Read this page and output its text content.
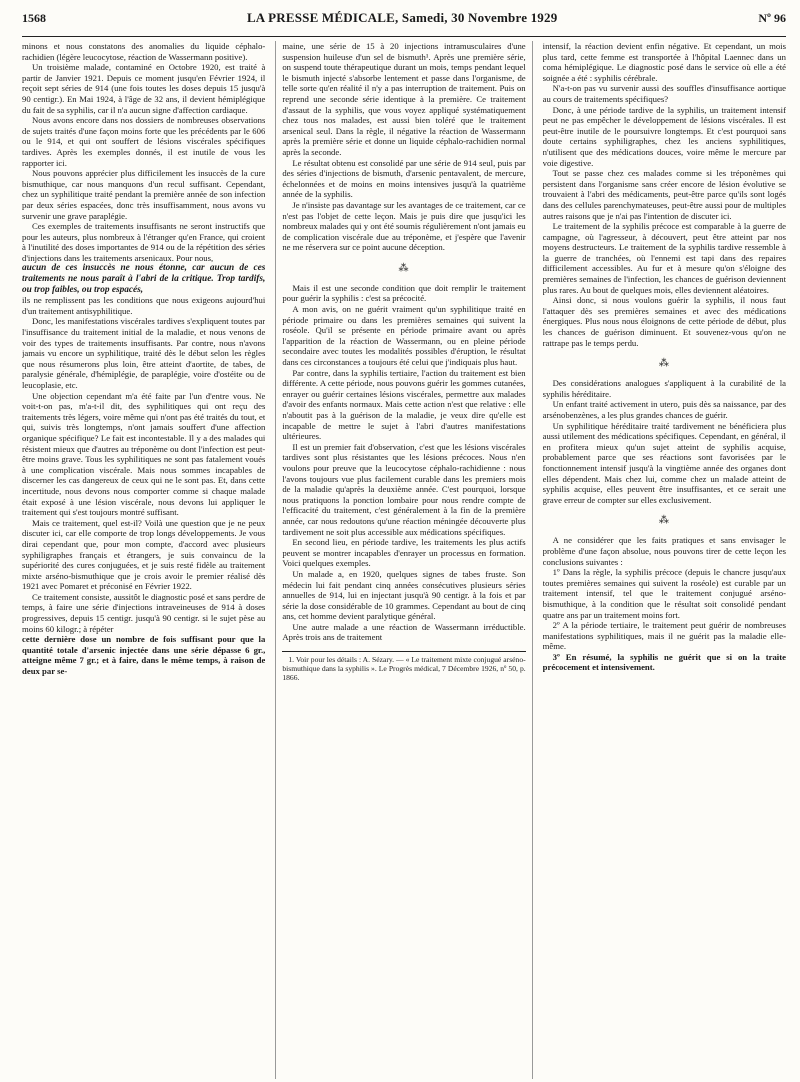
1568	LA PRESSE MÉDICALE, Samedi, 30 Novembre 1929	Nº 96

minons et nous constatons des anomalies du liquide céphalo-rachidien (légère leucocytose, réaction de Wassermann positive).

Un troisième malade, contaminé en Octobre 1920, est traité à partir de Janvier 1921. Depuis ce moment jusqu'en Février 1924, il reçoit sept séries de 914 (une fois toutes les doses depuis 15 jusqu'à 90 centigr.). En Mai 1924, à l'âge de 32 ans, il devient hémiplégique du fait de sa syphilis, car il n'a aucun signe d'affection cardiaque.

Nous avons encore dans nos dossiers de nombreuses observations de sujets traités d'une façon moins forte que les précédents par le 606 ou le 914, et qui ont souffert de lésions viscérales spécifiques tardives. Après les exemples donnés, il est inutile de vous les rapporter ici.

Nous pouvons apprécier plus difficilement les insuccès de la cure bismuthique, car nous manquons d'un recul suffisant. Cependant, chez un syphilitique traité pendant la première année de son infection par deux séries espacées, donc très insuffisamment, nous avons vu survenir une grave paraplégie.

Ces exemples de traitements insuffisants ne seront instructifs que pour les auteurs, plus nombreux à l'étranger qu'en France, qui croient à l'inutilité des doses importantes de 914 ou de la répétition des séries d'injections dans les traitements arsenicaux. Pour nous,

aucun de ces insuccès ne nous étonne, car aucun de ces traitements ne nous paraît à l'abri de la critique. Trop tardifs, ou trop faibles, ou trop espacés,

ils ne remplissent pas les conditions que nous exigeons aujourd'hui d'un traitement antisyphilitique.

Donc, les manifestations viscérales tardives s'expliquent toutes par l'insuffisance du traitement initial de la maladie, et nous venons de voir des types de traitements insuffisants. Par contre, nous n'avons jamais vu encore un syphilitique, traité dès le début selon les règles que nous résumerons plus loin, être atteint d'aortite, de tabes, de paralysie générale, d'hémiplégie, de paraplégie, voire d'ostéite ou de leucoplasie, etc.

Une objection cependant m'a été faite par l'un d'entre vous. Ne voit-t-on pas, m'a-t-il dit, des syphilitiques qui ont reçu des traitements très légers, voire même qui n'ont pas été traités du tout, et qui, suivis très longtemps, n'ont jamais souffert d'une affection organique spécifique? Le fait est incontestable. Il y a des malades qui résistent mieux que d'autres au tréponème ou dont l'infection est peut-être moins grave. Tous les syphilitiques ne sont pas fatalement voués à une complication viscérale. Mais nous sommes incapables de discerner les cas dangereux de ceux qui ne le sont pas. Et, dans cette incertitude, nous devons nous comporter comme si chaque malade était exposé à une lésion viscérale, nous devons lui appliquer le traitement qui s'est toujours montré suffisant.

Mais ce traitement, quel est-il? Voilà une question que je ne peux discuter ici, car elle comporte de trop longs développements. Je vous dirai cependant que, pour mon compte, d'accord avec plusieurs syphiligraphes français et étrangers, je suis convaincu de la supériorité des cures conjuguées, et je suis resté fidèle au traitement mixte arséno-bismuthique que je crois avoir le premier réalisé dès 1921 avec Pomaret et préconisé en Février 1922.

Ce traitement consiste, aussitôt le diagnostic posé et sans perdre de temps, à faire une série d'injections intraveineuses de 914 à doses progressives, depuis 15 centigr. jusqu'à 90 centigr. si le sujet pèse au moins 60 kilogr.; à répéter

cette dernière dose un nombre de fois suffisant pour que la quantité totale d'arsenic injectée dans une série dépasse 6 gr., atteigne même 7 gr.; et à faire, dans le même temps, à raison de deux par se-

maine, une série de 15 à 20 injections intramusculaires d'une suspension huileuse d'un sel de bismuth¹. Après une première série, on suspend toute thérapeutique durant un mois, temps pendant lequel le bismuth injecté s'absorbe lentement et passe dans l'organisme, de telle sorte qu'en réalité il n'y a pas interruption de traitement. Puis on reprend une seconde série identique à la première. Ce traitement d'assaut de la syphilis, que vous voyez appliqué systématiquement chez tous nos malades, est aussi bien toléré que le traitement arsenical seul. Dans la règle, il négative la réaction de Wassermann après la première série et donne un liquide céphalo-rachidien normal après la seconde.

Le résultat obtenu est consolidé par une série de 914 seul, puis par des séries d'injections de bismuth, d'arsenic pentavalent, de mercure, échelonnées et de moins en moins intensives jusqu'à la quatrième année de la syphilis.

Je n'insiste pas davantage sur les avantages de ce traitement, car ce n'est pas l'objet de cette leçon. Mais je puis dire que jusqu'ici les nombreux malades qui y ont été soumis régulièrement n'ont jamais eu de complication viscérale due au tréponème, et j'espère que l'avenir ne me réservera sur ce point aucune déception.

⁂

Mais il est une seconde condition que doit remplir le traitement pour guérir la syphilis : c'est sa précocité.

A mon avis, on ne guérit vraiment qu'un syphilitique traité en période primaire ou dans les premières semaines qui suivent la roséole. Qu'il se présente en période primaire avant ou après l'apparition de la réaction de Wassermann, ou en pleine période secondaire avec toutes les modalités possibles d'éruption, le résultat dans ces circonstances a toujours été celui que j'indiquais plus haut.

Par contre, dans la syphilis tertiaire, l'action du traitement est bien différente. A cette période, nous pouvons guérir les gommes cutanées, enrayer ou guérir certaines lésions viscérales, permettre aux malades d'avoir des enfants normaux. Mais cette action n'est que relative : elle n'aboutit pas à la guérison de la maladie, je veux dire qu'elle est incapable de mettre le sujet à l'abri d'autres manifestations ultérieures.

Il est un premier fait d'observation, c'est que les lésions viscérales tardives sont plus résistantes que les lésions précoces. Nous n'en voulons pour preuve que la leucocytose céphalo-rachidienne : nous l'avons toujours vue plus facilement curable dans les premiers mois de la maladie qu'après la deuxième année. C'est pourquoi, lorsque nous pratiquons la ponction lombaire pour nous rendre compte de l'efficacité du traitement, c'est généralement à la fin de la première année, car nous redoutons qu'une réaction méningée découverte plus tardivement ne soit plus accessible aux médications spécifiques.

En second lieu, en période tardive, les traitements les plus actifs peuvent se montrer incapables d'enrayer un processus en formation. Voici quelques exemples.

Un malade a, en 1920, quelques signes de tabes fruste. Son médecin lui fait pendant cinq années consécutives plusieurs séries annuelles de 914, lui en injectant jusqu'à 90 centigr. à la fois et par série la dose considérable de 10 grammes. Cependant au bout de cinq ans, cet homme devient paralytique général.

Une autre malade a une réaction de Wassermann irréductible. Après trois ans de traitement

1. Voir pour les détails : A. Sézary. — « Le traitement mixte conjugué arséno-bismuthique dans la syphilis ». Le Progrès médical, 7 Décembre 1926, nº 50, p. 1866.

intensif, la réaction devient enfin négative. Et cependant, un mois plus tard, cette femme est transportée à l'hôpital Laennec dans un coma hémiplégique. Le diagnostic posé dans le service où elle a été soignée a été : syphilis cérébrale.

N'a-t-on pas vu survenir aussi des souffles d'insuffisance aortique au cours de traitements spécifiques?

Donc, à une période tardive de la syphilis, un traitement intensif peut ne pas empêcher le développement de lésions viscérales. Il est peut-être inutile de le poursuivre longtemps. Et c'est pourquoi sans doute certains syphiligraphes, chez les anciens syphilitiques, n'utilisent que des médications douces, voire même le mercure par voie digestive.

Tout se passe chez ces malades comme si les tréponèmes qui persistent dans l'organisme sans créer encore de lésion évolutive se trouvaient à l'abri des médicaments, peut-être parce qu'ils sont logés dans des cellules parenchymateuses, peut-être aussi pour de multiples autres raisons que je n'ai pas l'intention de discuter ici.

Le traitement de la syphilis précoce est comparable à la guerre de campagne, où l'agresseur, à découvert, peut être atteint par nos moyens destructeurs. Le traitement de la syphilis tardive ressemble à la guerre de tranchées, où l'ennemi est tapi dans des repaires difficilement accessibles. Au fur et à mesure qu'on s'éloigne des premières semaines de l'infection, les chances de guérison deviennent plus rares. Au bout de quelques mois, elles deviennent aléatoires.

Ainsi donc, si nous voulons guérir la syphilis, il nous faut l'attaquer dès ses premières semaines et avec des médications énergiques. Plus nous nous éloignons de cette période de début, plus les chances de guérison diminuent. Et souvenez-vous qu'on ne rattrape pas le temps perdu.

⁂

Des considérations analogues s'appliquent à la curabilité de la syphilis héréditaire.

Un enfant traité activement in utero, puis dès sa naissance, par des arsénobenzènes, a les plus grandes chances de guérir.

Un syphilitique héréditaire traité tardivement ne bénéficiera plus aussi utilement des médications spécifiques. Cependant, en général, il en profitera mieux qu'un sujet atteint de syphilis acquise, probablement parce que ses réactions sont favorisées par le fonctionnement intensif jusqu'à la vingtième année des organes dont elles dépendent. Mais chez lui, comme chez un malade atteint de syphilis acquise, elles peuvent être insuffisantes, et ce serait une grave erreur de compter sur elles exclusivement.

⁂

A ne considérer que les faits pratiques et sans envisager le problème d'une façon absolue, nous pouvons tirer de cette leçon les conclusions suivantes :

1º Dans la règle, la syphilis précoce (depuis le chancre jusqu'aux toutes premières semaines qui suivent la roséole) est curable par un traitement intensif, tel que le traitement conjugué arséno-bismuthique, à la condition que le résultat soit consolidé pendant quatre ans par un traitement moins fort.

2º A la période tertiaire, le traitement peut guérir de nombreuses manifestations syphilitiques, mais il ne guérit pas la maladie elle-même.

3º En résumé, la syphilis ne guérit que si on la traite précocement et intensivement.
